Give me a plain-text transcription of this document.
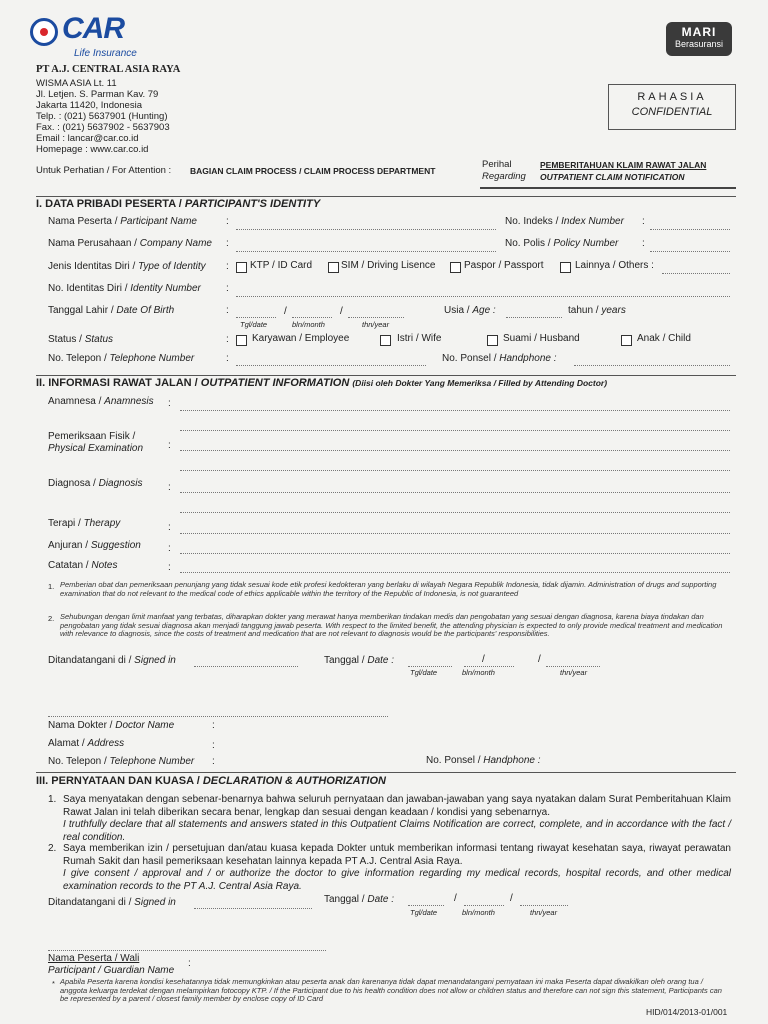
CAR
Life Insurance
PT A.J. CENTRAL ASIA RAYA
WISMA ASIA Lt. 11
Jl. Letjen. S. Parman Kav. 79
Jakarta 11420, Indonesia
Telp. : (021) 5637901 (Hunting)
Fax. : (021) 5637902 - 5637903
Email : lancar@car.co.id
Homepage : www.car.co.id
MARI
Berasuransi
RAHASIA
CONFIDENTIAL
Untuk Perhatian / For Attention : BAGIAN CLAIM PROCESS / CLAIM PROCESS DEPARTMENT
Perihal
Regarding
PEMBERITAHUAN KLAIM RAWAT JALAN
OUTPATIENT CLAIM NOTIFICATION
I. DATA PRIBADI PESERTA / PARTICIPANT'S IDENTITY
Nama Peserta / Participant Name	:	No. Indeks / Index Number :
Nama Perusahaan / Company Name :	No. Polis / Policy Number :
Jenis Identitas Diri / Type of Identity : KTP / ID Card	SIM / Driving Lisence	Paspor / Passport	Lainnya / Others :
No. Identitas Diri / Identity Number	:
Tanggal Lahir / Date Of Birth	:	/	/
Tgl/date	bln/month	thn/year
Usia / Age :	tahun / years
Status / Status	: Karyawan / Employee	Istri / Wife	Suami / Husband	Anak / Child
No. Telepon / Telephone Number	:	No. Ponsel / Handphone :
II. INFORMASI RAWAT JALAN / OUTPATIENT INFORMATION (Diisi oleh Dokter Yang Memeriksa / Filled by Attending Doctor)
Anamnesa / Anamnesis :
Pemeriksaan Fisik /
Physical Examination :
Diagnosa / Diagnosis	:
Terapi / Therapy	:
Anjuran / Suggestion	:
Catatan / Notes	:
1. Pemberian obat dan pemeriksaan penunjang yang tidak sesuai kode etik profesi kedokteran yang berlaku di wilayah Negara Republik Indonesia, tidak dijamin. Administration of drugs and supporting examination that do not relevant to the medical code of ethics applicable within the territory of the Republic of Indonesia, is not guaranteed
2. Sehubungan dengan limit manfaat yang terbatas, diharapkan dokter yang merawat hanya memberikan tindakan medis dan pengobatan yang sesuai dengan diagnosa, karena biaya tindakan dan pengobatan yang tidak sesuai diagnosa akan menjadi tanggung jawab peserta. With respect to the limited benefit, the attending physician is expected to only provide medical treatment and medication with relevance to diagnosis, since the costs of treatment and medication that are not relevant to diagnosis would be the participants' responsibilities.
Ditandatangani di / Signed in	Tanggal / Date :	/	/
Tgl/date	bln/month	thn/year
Nama Dokter / Doctor Name	:
Alamat / Address	:
No. Telepon / Telephone Number :	No. Ponsel / Handphone :
III. PERNYATAAN DAN KUASA / DECLARATION & AUTHORIZATION
1. Saya menyatakan dengan sebenar-benarnya bahwa seluruh pernyataan dan jawaban-jawaban yang saya nyatakan dalam Surat Pemberitahuan Klaim Rawat Jalan ini telah diberikan secara benar, lengkap dan sesuai dengan keadaan / kondisi yang sebenarnya.
I truthfully declare that all statements and answers stated in this Outpatient Claims Notification are correct, complete, and in accordance with the fact / real condition.
2. Saya memberikan izin / persetujuan dan/atau kuasa kepada Dokter untuk memberikan informasi tentang riwayat kesehatan saya, riwayat perawatan Rumah Sakit dan hasil pemeriksaan kesehatan lainnya kepada PT A.J. Central Asia Raya.
I give consent / approval and / or authorize the doctor to give information regarding my medical records, hospital records, and other medical examination records to the PT A.J. Central Asia Raya.
Ditandatangani di / Signed in	Tanggal / Date :	/	/
Tgl/date	bln/month	thn/year
Nama Peserta / Wali
Participant / Guardian Name
:
* Apabila Peserta karena kondisi kesehatannya tidak memungkinkan atau peserta anak dan karenanya tidak dapat menandatangani pernyataan ini maka Peserta dapat diwakilkan oleh orang tua / anggota keluarga terdekat dengan melampirkan fotocopy KTP. / If the Participant due to his health condition does not allow or children status and therefore can not sign this statement, Participants can be represented by a parent / closest family member by enclose copy of ID Card
HID/014/2013-01/001
